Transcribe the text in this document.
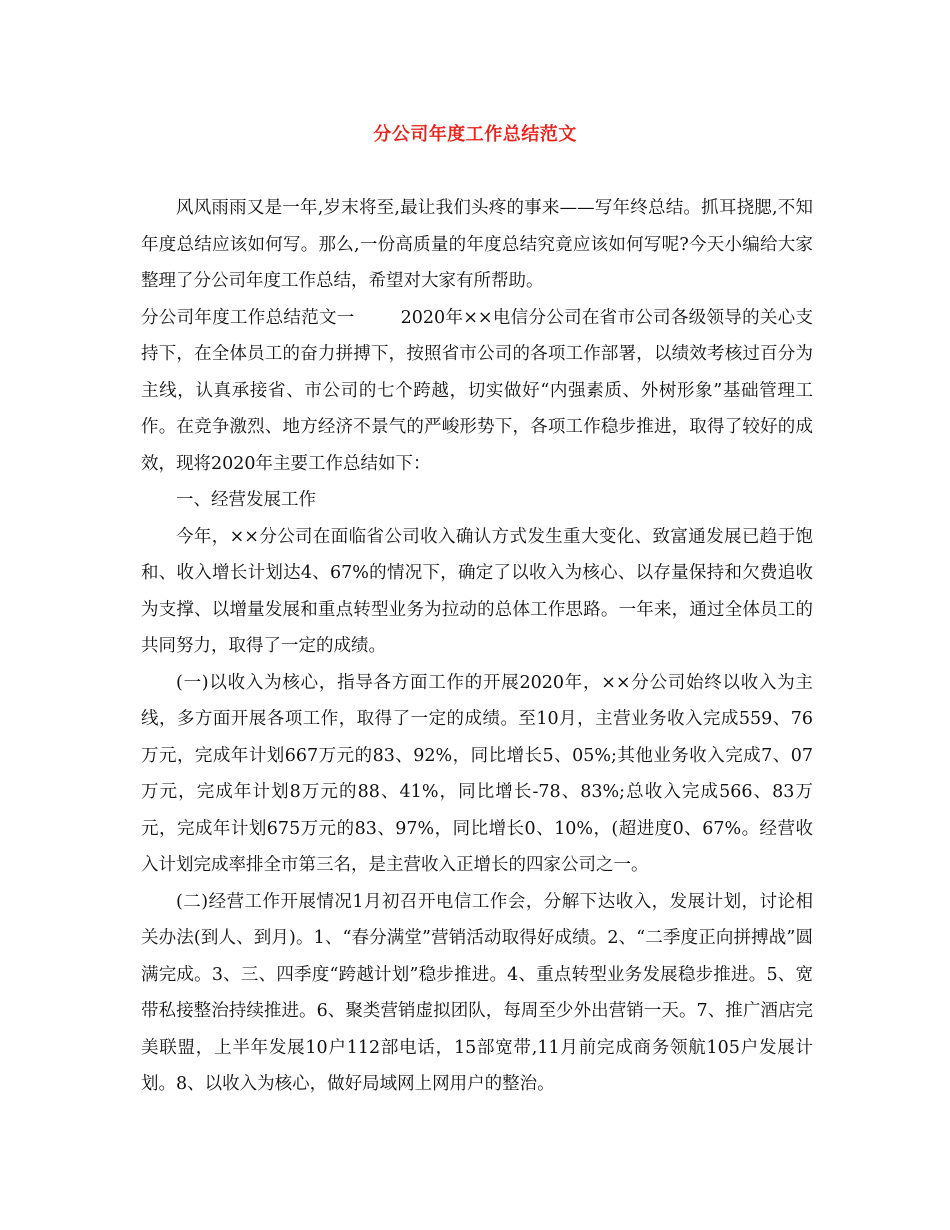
分公司年度工作总结范文

风风雨雨又是一年,岁末将至,最让我们头疼的事来——写年终总结。抓耳挠腮,不知年度总结应该如何写。那么,一份高质量的年度总结究竟应该如何写呢?今天小编给大家整理了分公司年度工作总结，希望对大家有所帮助。

分公司年度工作总结范文一	2020年××电信分公司在省市公司各级领导的关心支持下，在全体员工的奋力拼搏下，按照省市公司的各项工作部署，以绩效考核过百分为主线，认真承接省、市公司的七个跨越，切实做好“内强素质、外树形象”基础管理工作。在竞争激烈、地方经济不景气的严峻形势下，各项工作稳步推进，取得了较好的成效，现将2020年主要工作总结如下：

一、经营发展工作

今年，××分公司在面临省公司收入确认方式发生重大变化、致富通发展已趋于饱和、收入增长计划达4、67%的情况下，确定了以收入为核心、以存量保持和欠费追收为支撑、以增量发展和重点转型业务为拉动的总体工作思路。一年来，通过全体员工的共同努力，取得了一定的成绩。

(一)以收入为核心，指导各方面工作的开展2020年，××分公司始终以收入为主线，多方面开展各项工作，取得了一定的成绩。至10月，主营业务收入完成559、76万元，完成年计划667万元的83、92%，同比增长5、05%;其他业务收入完成7、07万元，完成年计划8万元的88、41%，同比增长-78、83%;总收入完成566、83万元，完成年计划675万元的83、97%，同比增长0、10%，(超进度0、67%。经营收入计划完成率排全市第三名，是主营收入正增长的四家公司之一。

(二)经营工作开展情况1月初召开电信工作会，分解下达收入，发展计划，讨论相关办法(到人、到月)。1、“春分满堂”营销活动取得好成绩。2、“二季度正向拼搏战”圆满完成。3、三、四季度“跨越计划”稳步推进。4、重点转型业务发展稳步推进。5、宽带私接整治持续推进。6、聚类营销虚拟团队，每周至少外出营销一天。7、推广酒店完美联盟，上半年发展10户112部电话，15部宽带,11月前完成商务领航105户发展计划。8、以收入为核心，做好局域网上网用户的整治。
